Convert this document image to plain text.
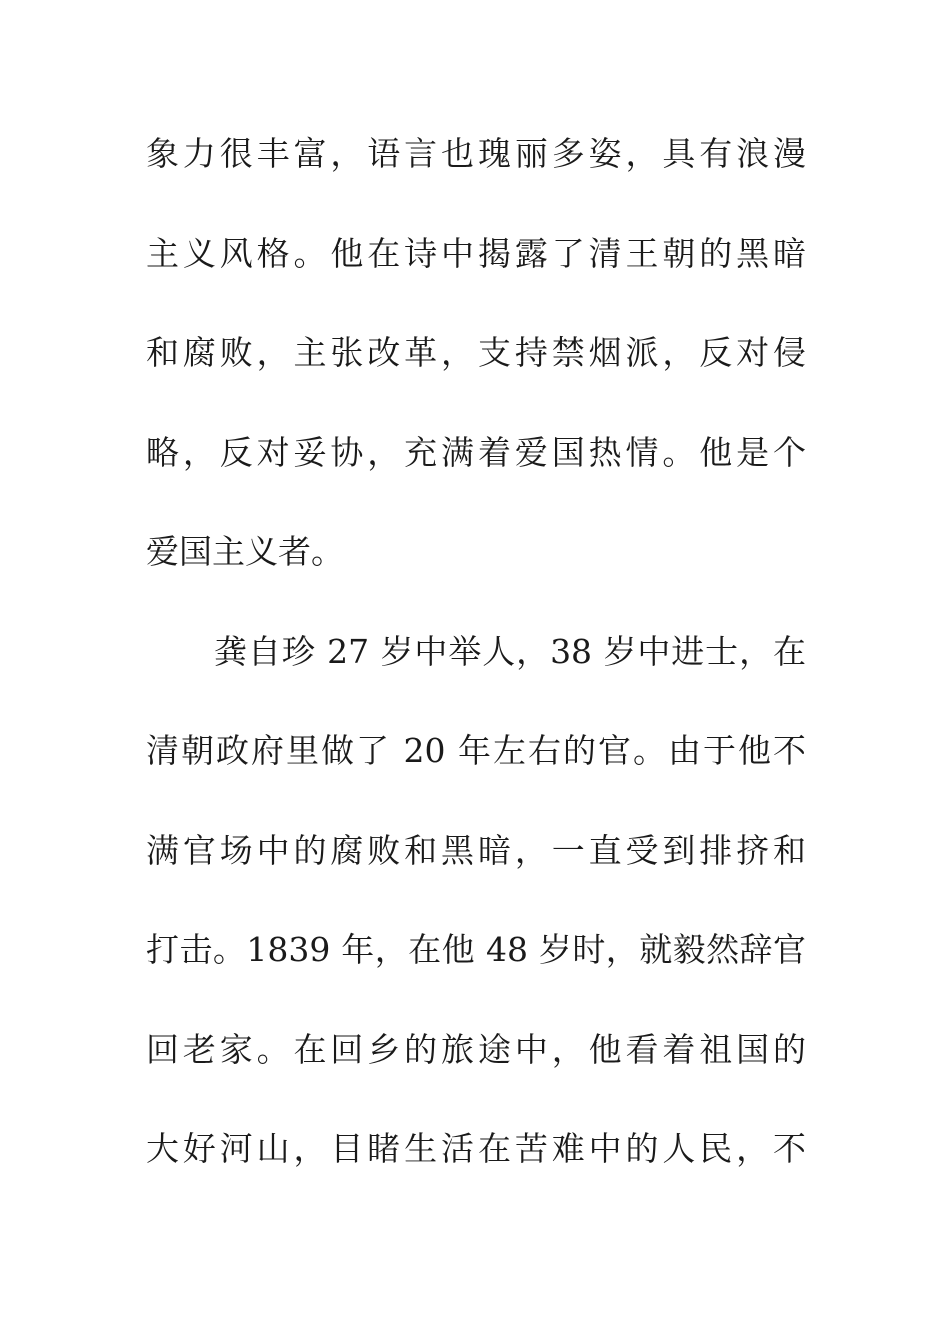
象力很丰富，语言也瑰丽多姿，具有浪漫
主义风格。他在诗中揭露了清王朝的黑暗
和腐败，主张改革，支持禁烟派，反对侵
略，反对妥协，充满着爱国热情。他是个
爱国主义者。
龚自珍 27 岁中举人，38 岁中进士，在
清朝政府里做了 20 年左右的官。由于他不
满官场中的腐败和黑暗，一直受到排挤和
打击。1839 年，在他 48 岁时，就毅然辞官
回老家。在回乡的旅途中，他看着祖国的
大好河山，目睹生活在苦难中的人民，不
